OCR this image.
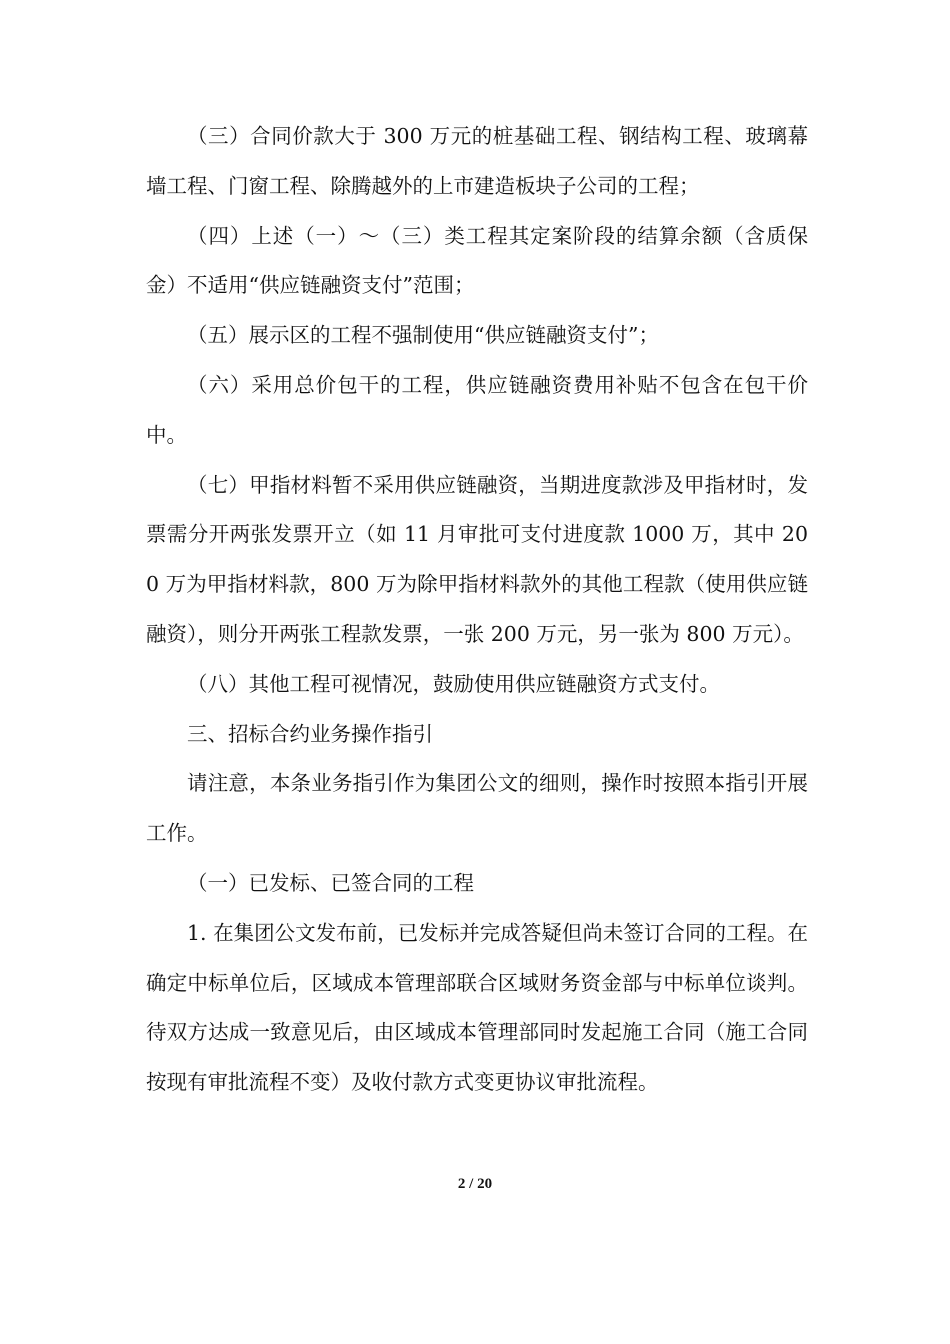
（三）合同价款大于 300 万元的桩基础工程、钢结构工程、玻璃幕墙工程、门窗工程、除腾越外的上市建造板块子公司的工程；

（四）上述（一）～（三）类工程其定案阶段的结算余额（含质保金）不适用“供应链融资支付”范围；

（五）展示区的工程不强制使用“供应链融资支付”；

（六）采用总价包干的工程，供应链融资费用补贴不包含在包干价中。

（七）甲指材料暂不采用供应链融资，当期进度款涉及甲指材时，发票需分开两张发票开立（如 11 月审批可支付进度款 1000 万，其中 200 万为甲指材料款，800 万为除甲指材料款外的其他工程款（使用供应链融资），则分开两张工程款发票，一张 200 万元，另一张为 800 万元）。

（八）其他工程可视情况，鼓励使用供应链融资方式支付。

三、招标合约业务操作指引

请注意，本条业务指引作为集团公文的细则，操作时按照本指引开展工作。

（一）已发标、已签合同的工程

1. 在集团公文发布前，已发标并完成答疑但尚未签订合同的工程。在确定中标单位后，区域成本管理部联合区域财务资金部与中标单位谈判。待双方达成一致意见后，由区域成本管理部同时发起施工合同（施工合同按现有审批流程不变）及收付款方式变更协议审批流程。

2 / 20
